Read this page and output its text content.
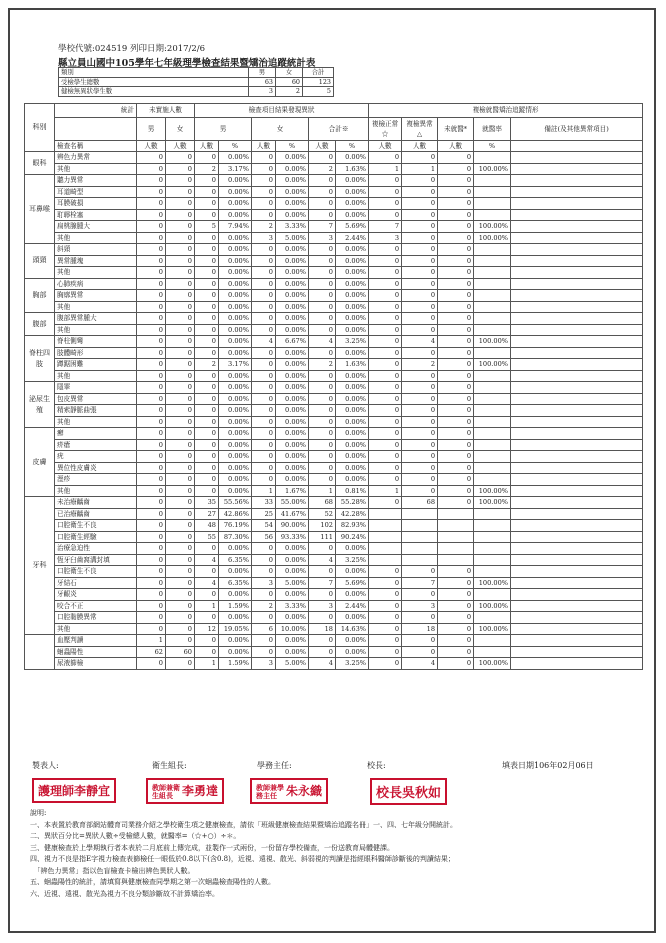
學校代號:024519 列印日期:2017/2/6
縣立員山國中105學年七年級理學檢查結果暨矯治追蹤統計表
類別	男	女	合計
受檢學生總數	63	60	123
健檢無異狀學生數	3	2	5
科別	統計	未實施人數		檢查項目結果發現異狀						複檢就醫矯治追蹤情形				
		男	女	男		女		合計※		複檢正常☆	複檢異常△	未就醫*	就醫率	備註(及其他異常項目)
	檢查名稱	人數	人數	人數	%	人數	%	人數	%	人數	人數	人數	%	
眼科	辨色力異常	0	0	0	0.00%	0	0.00%	0	0.00%	0	0	0		
	其他	0	0	2	3.17%	0	0.00%	2	1.63%	1	1	0	100.00%	
耳鼻喉	聽力異常	0	0	0	0.00%	0	0.00%	0	0.00%	0	0	0		
	耳道畸型	0	0	0	0.00%	0	0.00%	0	0.00%	0	0	0		
	耳膜破損	0	0	0	0.00%	0	0.00%	0	0.00%	0	0	0		
	耵聹栓塞	0	0	0	0.00%	0	0.00%	0	0.00%	0	0	0		
	扁桃腺腫大	0	0	5	7.94%	2	3.33%	7	5.69%	7	0	0	100.00%	
	其他	0	0	0	0.00%	3	5.00%	3	2.44%	3	0	0	100.00%	
頭頸	斜頸	0	0	0	0.00%	0	0.00%	0	0.00%	0	0	0		
	異常腫塊	0	0	0	0.00%	0	0.00%	0	0.00%	0	0	0		
	其他	0	0	0	0.00%	0	0.00%	0	0.00%	0	0	0		
胸部	心肺疾病	0	0	0	0.00%	0	0.00%	0	0.00%	0	0	0		
	胸廓異常	0	0	0	0.00%	0	0.00%	0	0.00%	0	0	0		
	其他	0	0	0	0.00%	0	0.00%	0	0.00%	0	0	0		
腹部	腹部異常腫大	0	0	0	0.00%	0	0.00%	0	0.00%	0	0	0		
	其他	0	0	0	0.00%	0	0.00%	0	0.00%	0	0	0		
脊柱四肢	脊柱側彎	0	0	0	0.00%	4	6.67%	4	3.25%	0	4	0	100.00%	
	肢體畸形	0	0	0	0.00%	0	0.00%	0	0.00%	0	0	0		
	蹲踞困難	0	0	2	3.17%	0	0.00%	2	1.63%	0	2	0	100.00%	
	其他	0	0	0	0.00%	0	0.00%	0	0.00%	0	0	0		
泌尿生殖	隱睪	0	0	0	0.00%	0	0.00%	0	0.00%	0	0	0		
	包皮異常	0	0	0	0.00%	0	0.00%	0	0.00%	0	0	0		
	精索靜脈曲張	0	0	0	0.00%	0	0.00%	0	0.00%	0	0	0		
	其他	0	0	0	0.00%	0	0.00%	0	0.00%	0	0	0		
皮膚	癬	0	0	0	0.00%	0	0.00%	0	0.00%	0	0	0		
	疥瘡	0	0	0	0.00%	0	0.00%	0	0.00%	0	0	0		
	疣	0	0	0	0.00%	0	0.00%	0	0.00%	0	0	0		
	異位性皮膚炎	0	0	0	0.00%	0	0.00%	0	0.00%	0	0	0		
	溼疹	0	0	0	0.00%	0	0.00%	0	0.00%	0	0	0		
	其他	0	0	0	0.00%	1	1.67%	1	0.81%	1	0	0	100.00%	
牙科	未治療齲齒	0	0	35	55.56%	33	55.00%	68	55.28%	0	68	0	100.00%	
	已治療齲齒	0	0	27	42.86%	25	41.67%	52	42.28%					
	口腔衛生不良	0	0	48	76.19%	54	90.00%	102	82.93%					
	口腔衛生經驗	0	0	55	87.30%	56	93.33%	111	90.24%					
	治療急迫性	0	0	0	0.00%	0	0.00%	0	0.00%					
	恆牙臼齒窩溝封填	0	0	4	6.35%	0	0.00%	4	3.25%					
	口腔衛生不良	0	0	0	0.00%	0	0.00%	0	0.00%	0	0	0		
	牙結石	0	0	4	6.35%	3	5.00%	7	5.69%	0	7	0	100.00%	
	牙齦炎	0	0	0	0.00%	0	0.00%	0	0.00%	0	0	0		
	咬合不正	0	0	1	1.59%	2	3.33%	3	2.44%	0	3	0	100.00%	
	口腔黏膜異常	0	0	0	0.00%	0	0.00%	0	0.00%	0	0	0		
	其他	0	0	12	19.05%	6	10.00%	18	14.63%	0	18	0	100.00%	
	血壓判讀	1	0	0	0.00%	0	0.00%	0	0.00%	0	0	0		
	蛔蟲陽性	62	60	0	0.00%	0	0.00%	0	0.00%	0	0	0		
	尿液篩檢	0	0	1	1.59%	3	5.00%	4	3.25%	0	4	0	100.00%	
製表人:	衛生組長:	學務主任:	校長:	填表日期106年02月06日
護理師李靜宜	教師兼衛生組長 李勇達	教師兼學務主任 朱永織	校長吳秋如
說明:
一、本表置於教育部網站體育司業務介紹之學校衛生項之健康檢查，請依「班級健康檢查結果暨矯治追蹤名冊」一、四、七年級分開統計。
二、異狀百分比=異狀人數÷受檢總人數，就醫率=（☆+○）÷＊。
三、健康檢查於上學期執行者本表於二月底前上傳完成，並製作一式兩份，一份留存學校備查，一份送教育局體健課。
四、視力不良是指E字視力檢查表篩檢任一眼低於0.8以下(含0.8)，近視、遠視、散光、斜弱視的判讀是指經眼科醫師診斷後的判讀結果；
　「辨色力異常」指以色盲檢查卡檢出辨色異狀人數。
五、蛔蟲陽性的統計，請填寫與健康檢查同學期之第一次蛔蟲檢查陽性的人數。
六、近視、遠視、散光為視力不良分類診斷故不計算矯治率。
